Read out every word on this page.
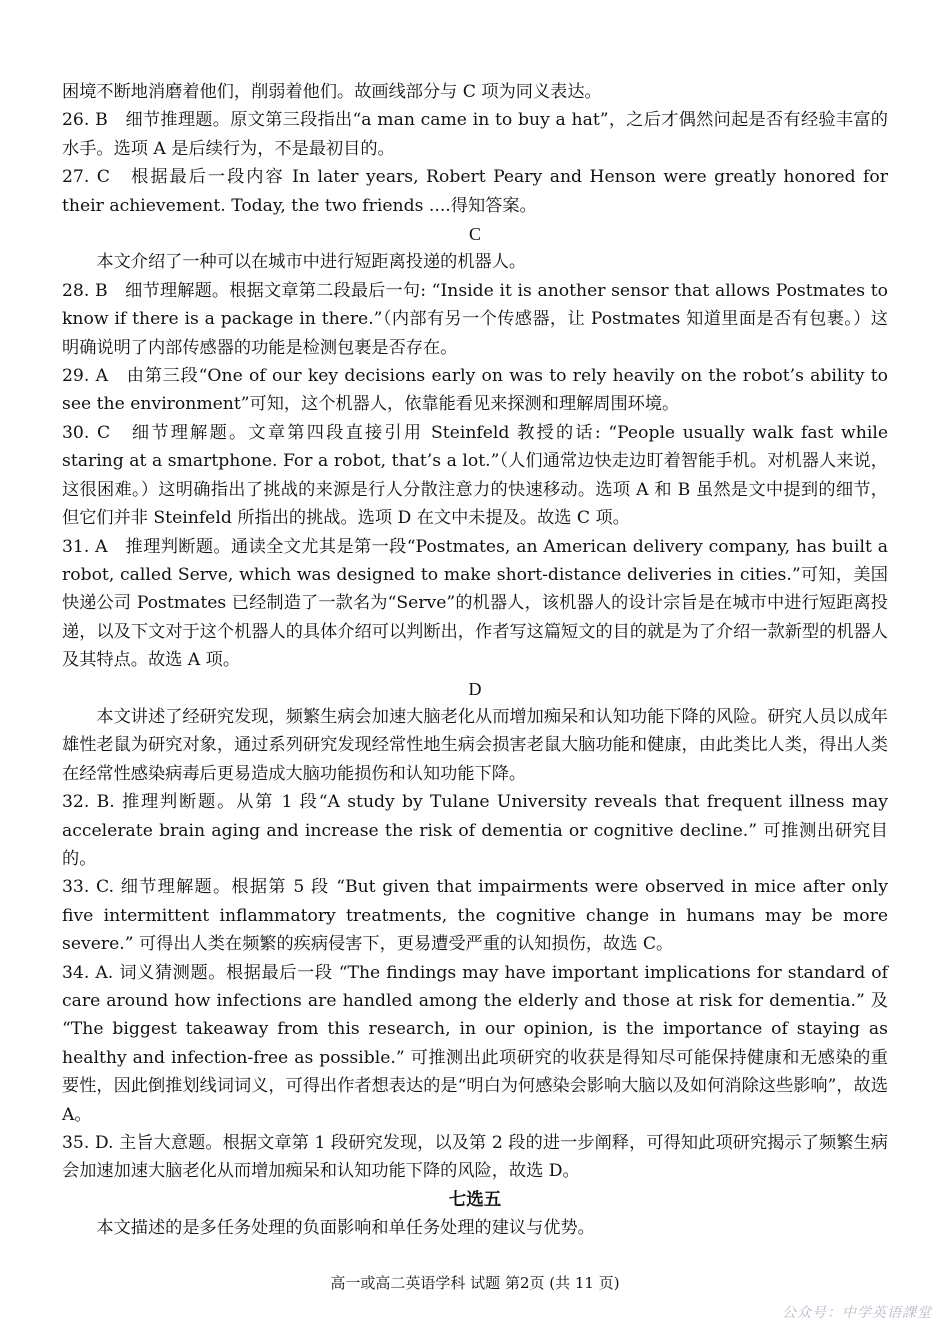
困境不断地消磨着他们，削弱着他们。故画线部分与 C 项为同义表达。

26. B　细节推理题。原文第三段指出“a man came in to buy a hat”，之后才偶然问起是否有经验丰富的水手。选项 A 是后续行为，不是最初目的。

27. C　根据最后一段内容 In later years, Robert Peary and Henson were greatly honored for their achievement. Today, the two friends ....得知答案。

C

本文介绍了一种可以在城市中进行短距离投递的机器人。

28. B　细节理解题。根据文章第二段最后一句: “Inside it is another sensor that allows Postmates to know if there is a package in there.”（内部有另一个传感器，让 Postmates 知道里面是否有包裹。）这明确说明了内部传感器的功能是检测包裹是否存在。

29. A　由第三段“One of our key decisions early on was to rely heavily on the robot’s ability to see the environment”可知，这个机器人，依靠能看见来探测和理解周围环境。

30. C　细节理解题。文章第四段直接引用 Steinfeld 教授的话: “People usually walk fast while staring at a smartphone. For a robot, that’s a lot.”（人们通常边快走边盯着智能手机。对机器人来说，这很困难。）这明确指出了挑战的来源是行人分散注意力的快速移动。选项 A 和 B 虽然是文中提到的细节，但它们并非 Steinfeld 所指出的挑战。选项 D 在文中未提及。故选 C 项。

31. A　推理判断题。通读全文尤其是第一段“Postmates, an American delivery company, has built a robot, called Serve, which was designed to make short-distance deliveries in cities.”可知，美国快递公司 Postmates 已经制造了一款名为“Serve”的机器人，该机器人的设计宗旨是在城市中进行短距离投递，以及下文对于这个机器人的具体介绍可以判断出，作者写这篇短文的目的就是为了介绍一款新型的机器人及其特点。故选 A 项。

D

本文讲述了经研究发现，频繁生病会加速大脑老化从而增加痴呆和认知功能下降的风险。研究人员以成年雄性老鼠为研究对象，通过系列研究发现经常性地生病会损害老鼠大脑功能和健康，由此类比人类，得出人类在经常性感染病毒后更易造成大脑功能损伤和认知功能下降。

32. B. 推理判断题。从第 1 段“A study by Tulane University reveals that frequent illness may accelerate brain aging and increase the risk of dementia or cognitive decline.” 可推测出研究目的。

33. C. 细节理解题。根据第 5 段 “But given that impairments were observed in mice after only five intermittent inflammatory treatments, the cognitive change in humans may be more severe.” 可得出人类在频繁的疾病侵害下，更易遭受严重的认知损伤，故选 C。

34. A. 词义猜测题。根据最后一段 “The findings may have important implications for standard of care around how infections are handled among the elderly and those at risk for dementia.” 及 “The biggest takeaway from this research, in our opinion, is the importance of staying as healthy and infection-free as possible.” 可推测出此项研究的收获是得知尽可能保持健康和无感染的重要性，因此倒推划线词词义，可得出作者想表达的是“明白为何感染会影响大脑以及如何消除这些影响”，故选 A。

35. D. 主旨大意题。根据文章第 1 段研究发现，以及第 2 段的进一步阐释，可得知此项研究揭示了频繁生病会加速加速大脑老化从而增加痴呆和认知功能下降的风险，故选 D。

七选五

本文描述的是多任务处理的负面影响和单任务处理的建议与优势。

高一或高二英语学科 试题 第2页 (共 11 页)
公众号：中学英语課堂
